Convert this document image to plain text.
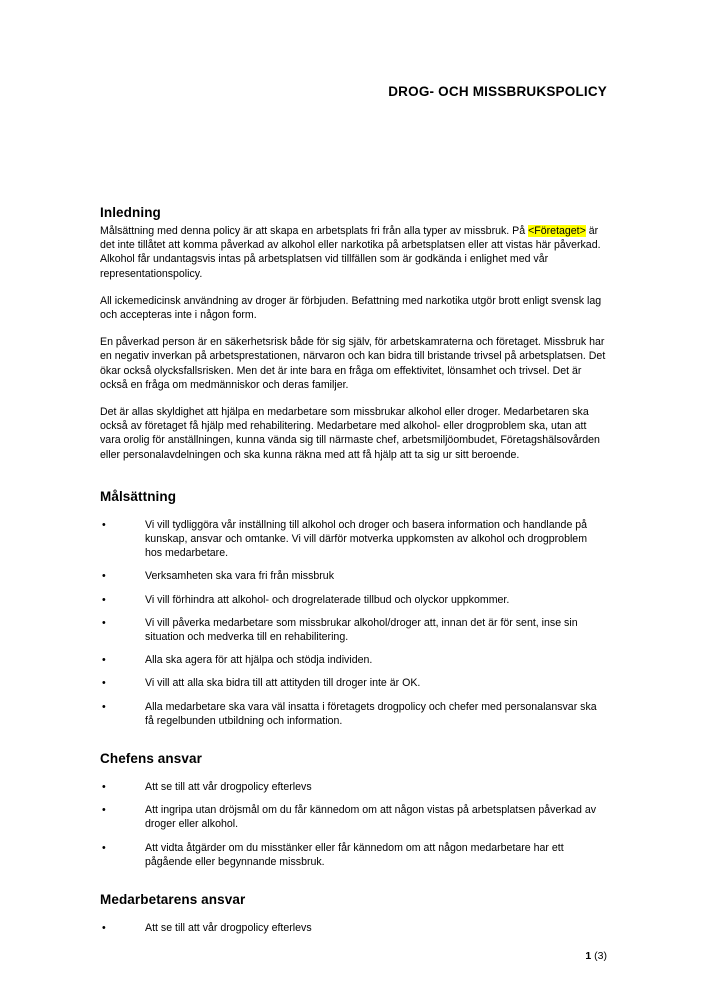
DROG- OCH MISSBRUKSPOLICY
Inledning

Målsättning med denna policy är att skapa en arbetsplats fri från alla typer av missbruk. På <Företaget> är det inte tillåtet att komma påverkad av alkohol eller narkotika på arbetsplatsen eller att vistas här påverkad. Alkohol får undantagsvis intas på arbetsplatsen vid tillfällen som är godkända i enlighet med vår representationspolicy.

All ickemedicinsk användning av droger är förbjuden. Befattning med narkotika utgör brott enligt svensk lag och accepteras inte i någon form.

En påverkad person är en säkerhetsrisk både för sig själv, för arbetskamraterna och företaget. Missbruk har en negativ inverkan på arbetsprestationen, närvaron och kan bidra till bristande trivsel på arbetsplatsen. Det ökar också olycksfallsrisken. Men det är inte bara en fråga om effektivitet, lönsamhet och trivsel. Det är också en fråga om medmänniskor och deras familjer.

Det är allas skyldighet att hjälpa en medarbetare som missbrukar alkohol eller droger. Medarbetaren ska också av företaget få hjälp med rehabilitering. Medarbetare med alkohol- eller drogproblem ska, utan att vara orolig för anställningen, kunna vända sig till närmaste chef, arbetsmiljöombudet, Företagshälsovården eller personalavdelningen och ska kunna räkna med att få hjälp att ta sig ur sitt beroende.

Målsättning
• Vi vill tydliggöra vår inställning till alkohol och droger och basera information och handlande på kunskap, ansvar och omtanke. Vi vill därför motverka uppkomsten av alkohol och drogproblem hos medarbetare.
• Verksamheten ska vara fri från missbruk
• Vi vill förhindra att alkohol- och drogrelaterade tillbud och olyckor uppkommer.
• Vi vill påverka medarbetare som missbrukar alkohol/droger att, innan det är för sent, inse sin situation och medverka till en rehabilitering.
• Alla ska agera för att hjälpa och stödja individen.
• Vi vill att alla ska bidra till att attityden till droger inte är OK.
• Alla medarbetare ska vara väl insatta i företagets drogpolicy och chefer med personalansvar ska få regelbunden utbildning och information.
Chefens ansvar
• Att se till att vår drogpolicy efterlevs
• Att ingripa utan dröjsmål om du får kännedom om att någon vistas på arbetsplatsen påverkad av droger eller alkohol.
• Att vidta åtgärder om du misstänker eller får kännedom om att någon medarbetare har ett pågående eller begynnande missbruk.
Medarbetarens ansvar
• Att se till att vår drogpolicy efterlevs
1 (3)
